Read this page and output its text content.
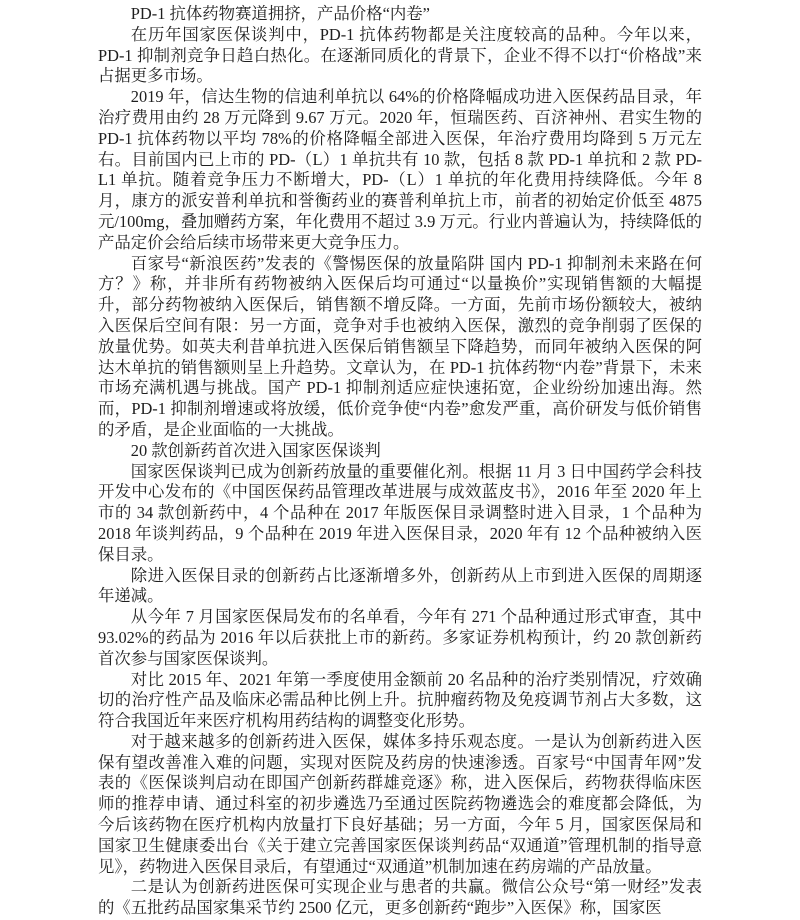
PD-1 抗体药物赛道拥挤，产品价格“内卷”

在历年国家医保谈判中，PD-1 抗体药物都是关注度较高的品种。今年以来，PD-1 抑制剂竞争日趋白热化。在逐渐同质化的背景下，企业不得不以打“价格战”来占据更多市场。

2019 年，信达生物的信迪利单抗以 64%的价格降幅成功进入医保药品目录，年治疗费用由约 28 万元降到 9.67 万元。2020 年，恒瑞医药、百济神州、君实生物的 PD-1 抗体药物以平均 78%的价格降幅全部进入医保，年治疗费用均降到 5 万元左右。目前国内已上市的 PD-（L）1 单抗共有 10 款，包括 8 款 PD-1 单抗和 2 款 PD-L1 单抗。随着竞争压力不断增大，PD-（L）1 单抗的年化费用持续降低。今年 8 月，康方的派安普利单抗和誉衡药业的赛普利单抗上市，前者的初始定价低至 4875 元/100mg，叠加赠药方案，年化费用不超过 3.9 万元。行业内普遍认为，持续降低的产品定价会给后续市场带来更大竞争压力。

百家号“新浪医药”发表的《警惕医保的放量陷阱 国内 PD-1 抑制剂未来路在何方？》称，并非所有药物被纳入医保后均可通过“以量换价”实现销售额的大幅提升，部分药物被纳入医保后，销售额不增反降。一方面，先前市场份额较大，被纳入医保后空间有限：另一方面，竞争对手也被纳入医保，激烈的竞争削弱了医保的放量优势。如英夫利昔单抗进入医保后销售额呈下降趋势，而同年被纳入医保的阿达木单抗的销售额则呈上升趋势。文章认为，在 PD-1 抗体药物“内卷”背景下，未来市场充满机遇与挑战。国产 PD-1 抑制剂适应症快速拓宽，企业纷纷加速出海。然而，PD-1 抑制剂增速或将放缓，低价竞争使“内卷”愈发严重，高价研发与低价销售的矛盾，是企业面临的一大挑战。

20 款创新药首次进入国家医保谈判

国家医保谈判已成为创新药放量的重要催化剂。根据 11 月 3 日中国药学会科技开发中心发布的《中国医保药品管理改革进展与成效蓝皮书》，2016 年至 2020 年上市的 34 款创新药中，4 个品种在 2017 年版医保目录调整时进入目录，1 个品种为 2018 年谈判药品，9 个品种在 2019 年进入医保目录，2020 年有 12 个品种被纳入医保目录。

除进入医保目录的创新药占比逐渐增多外，创新药从上市到进入医保的周期逐年递减。

从今年 7 月国家医保局发布的名单看，今年有 271 个品种通过形式审查，其中 93.02%的药品为 2016 年以后获批上市的新药。多家证券机构预计，约 20 款创新药首次参与国家医保谈判。

对比 2015 年、2021 年第一季度使用金额前 20 名品种的治疗类别情况，疗效确切的治疗性产品及临床必需品种比例上升。抗肿瘤药物及免疫调节剂占大多数，这符合我国近年来医疗机构用药结构的调整变化形势。

对于越来越多的创新药进入医保，媒体多持乐观态度。一是认为创新药进入医保有望改善准入难的问题，实现对医院及药房的快速渗透。百家号“中国青年网”发表的《医保谈判启动在即国产创新药群雄竞逐》称，进入医保后，药物获得临床医师的推荐申请、通过科室的初步遴选乃至通过医院药物遴选会的难度都会降低，为今后该药物在医疗机构内放量打下良好基础；另一方面，今年 5 月，国家医保局和国家卫生健康委出台《关于建立完善国家医保谈判药品“双通道”管理机制的指导意见》，药物进入医保目录后，有望通过“双通道”机制加速在药房端的产品放量。

二是认为创新药进医保可实现企业与患者的共赢。微信公众号“第一财经”发表的《五批药品国家集采节约 2500 亿元，更多创新药“跑步”入医保》称，国家医
